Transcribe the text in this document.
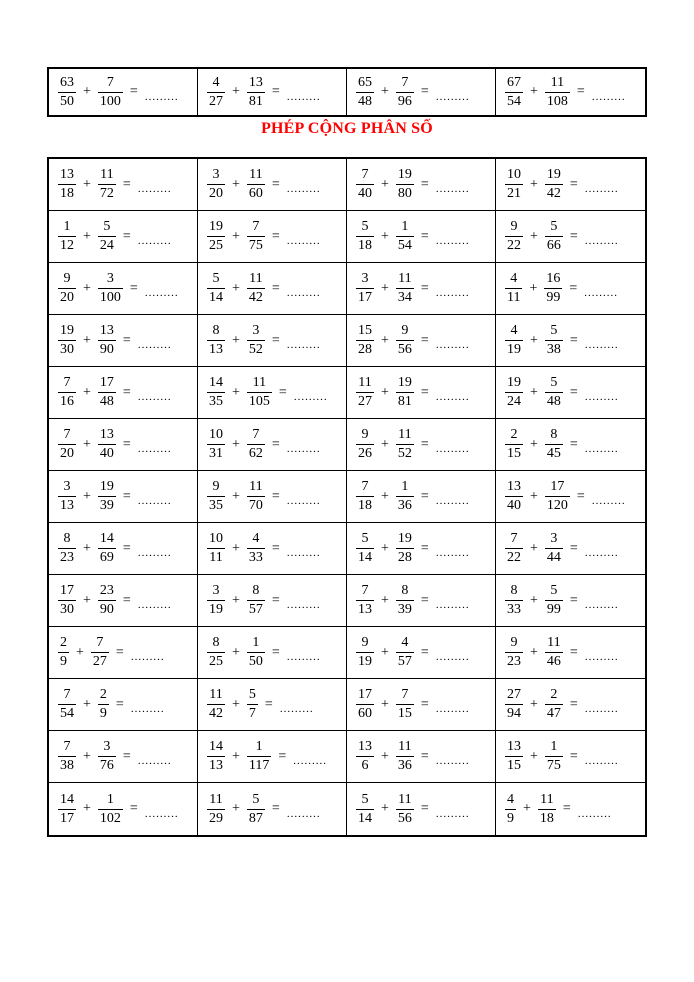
$\frac{63}{50} + \frac{7}{100}$ = ......... $\frac{4}{27} + \frac{13}{81}$ = .........	$\frac{65}{48} + \frac{7}{96}$ = .........	$\frac{67}{54} + \frac{11}{108}$ = .........
PHÉP CỘNG PHÂN SỐ
$\frac{13}{18} + \frac{11}{72}$ = .........	$\frac{3}{20} + \frac{11}{60}$ = .........	$\frac{7}{40} + \frac{19}{80}$ = .........	$\frac{10}{21} + \frac{19}{42}$ = .........
$\frac{1}{12} + \frac{5}{24}$ = .........	$\frac{19}{25} + \frac{7}{75}$ = .........	$\frac{5}{18} + \frac{1}{54}$ = .........	$\frac{9}{22} + \frac{5}{66}$ = .........
$\frac{9}{20} + \frac{3}{100}$ = ......... $\frac{5}{14} + \frac{11}{42}$ = .........	$\frac{3}{17} + \frac{11}{34}$ = .........	$\frac{4}{11} + \frac{16}{99}$ = .........
$\frac{19}{30} + \frac{13}{90}$ = .........	$\frac{8}{13} + \frac{3}{52}$ = .........	$\frac{15}{28} + \frac{9}{56}$ = .........	$\frac{4}{19} + \frac{5}{38}$ = .........
$\frac{7}{16} + \frac{17}{48}$ = .........	$\frac{14}{35} + \frac{11}{105}$ = ......... $\frac{11}{27} + \frac{19}{81}$ = .........	$\frac{19}{24} + \frac{5}{48}$ = .........
$\frac{7}{20} + \frac{13}{40}$ = .........	$\frac{10}{31} + \frac{7}{62}$ = .........	$\frac{9}{26} + \frac{11}{52}$ = .........	$\frac{2}{15} + \frac{8}{45}$ = .........
$\frac{3}{13} + \frac{19}{39}$ = .........	$\frac{9}{35} + \frac{11}{70}$ = .........	$\frac{7}{18} + \frac{1}{36}$ = .........	$\frac{13}{40} + \frac{17}{120}$ = .........
$\frac{8}{23} + \frac{14}{69}$ = .........	$\frac{10}{11} + \frac{4}{33}$ = .........	$\frac{5}{14} + \frac{19}{28}$ = .........	$\frac{7}{22} + \frac{3}{44}$ = .........
$\frac{17}{30} + \frac{23}{90}$ = .........	$\frac{3}{19} + \frac{8}{57}$ = .........	$\frac{7}{13} + \frac{8}{39}$ = .........	$\frac{8}{33} + \frac{5}{99}$ = .........
$\frac{2}{9} + \frac{7}{27}$ = .........	$\frac{8}{25} + \frac{1}{50}$ = .........	$\frac{9}{19} + \frac{4}{57}$ = .........	$\frac{9}{23} + \frac{11}{46}$ = .........
$\frac{7}{54} + \frac{2}{9}$ = .........	$\frac{11}{42} + \frac{5}{7}$ = .........	$\frac{17}{60} + \frac{7}{15}$ = .........	$\frac{27}{94} + \frac{2}{47}$ = .........
$\frac{7}{38} + \frac{3}{76}$ = .........	$\frac{14}{13} + \frac{1}{117}$ = ......... $\frac{13}{6} + \frac{11}{36}$ = .........	$\frac{13}{15} + \frac{1}{75}$ = .........
$\frac{14}{17} + \frac{1}{102}$ = ......... $\frac{11}{29} + \frac{5}{87}$ = .........	$\frac{5}{14} + \frac{11}{56}$ = .........	$\frac{4}{9} + \frac{11}{18}$ = .........
